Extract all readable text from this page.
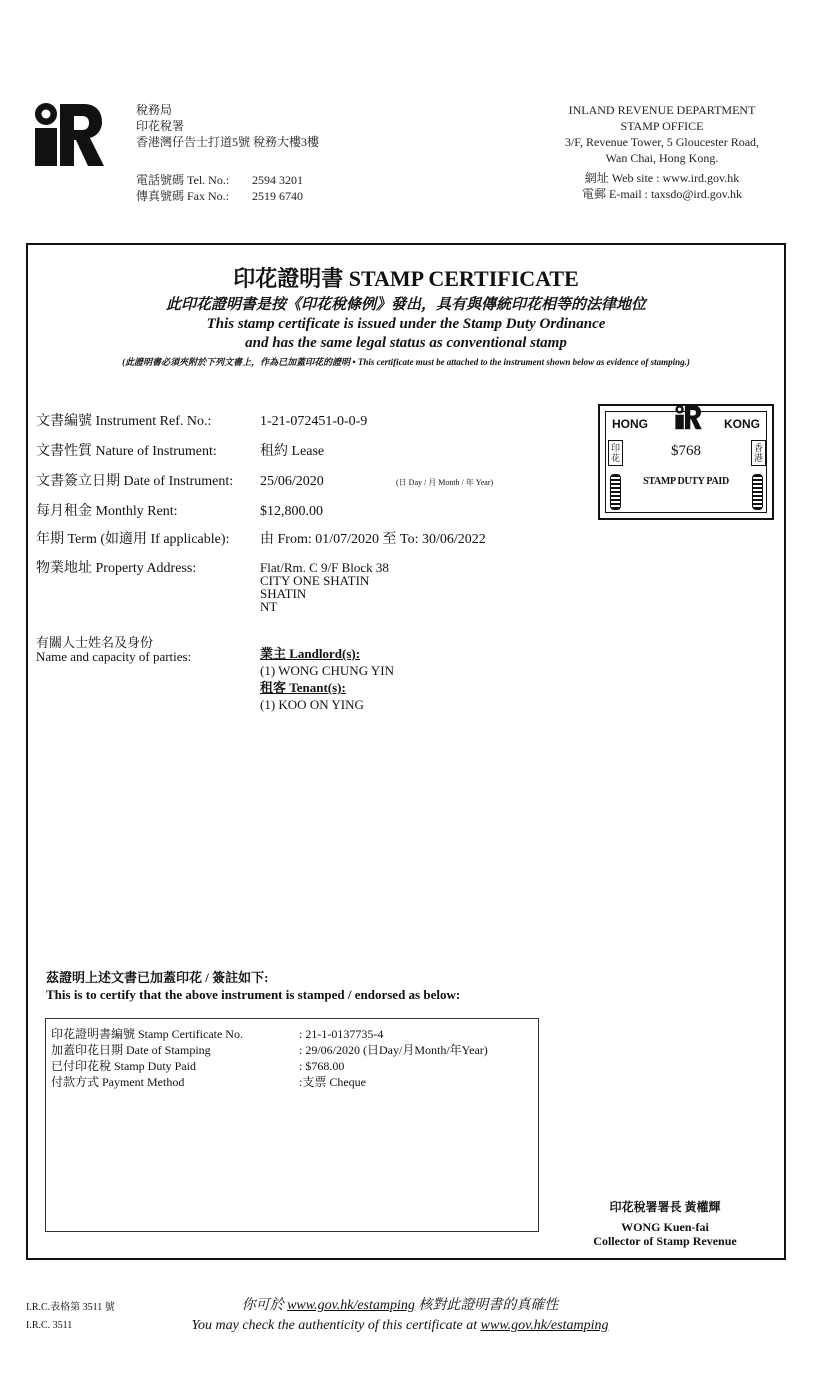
稅務局
印花稅署
香港灣仔告士打道5號 稅務大樓3樓
電話號碼 Tel. No.: 2594 3201
傳真號碼 Fax No.: 2519 6740
INLAND REVENUE DEPARTMENT
STAMP OFFICE
3/F, Revenue Tower, 5 Gloucester Road,
Wan Chai, Hong Kong.
網址 Web site : www.ird.gov.hk
電郵 E-mail : taxsdo@ird.gov.hk
印花證明書 STAMP CERTIFICATE
此印花證明書是按《印花稅條例》發出，具有與傳統印花相等的法律地位
This stamp certificate is issued under the Stamp Duty Ordinance
and has the same legal status as conventional stamp
(此證明書必須夾附於下列文書上，作為已加蓋印花的證明 • This certificate must be attached to the instrument shown below as evidence of stamping.)
文書編號 Instrument Ref. No.:	1-21-072451-0-0-9
文書性質 Nature of Instrument:	租約 Lease
文書簽立日期 Date of Instrument: 25/06/2020	(日 Day / 月 Month / 年 Year)
每月租金 Monthly Rent:	$12,800.00
年期 Term (如適用 If applicable): 由 From: 01/07/2020 至 To: 30/06/2022
物業地址 Property Address:	Flat/Rm. C 9/F Block 38
CITY ONE SHATIN
SHATIN
NT
有關人士姓名及身份
Name and capacity of parties:	業主 Landlord(s):
(1) WONG CHUNG YIN
租客 Tenant(s):
(1) KOO ON YING
HONG	KONG
印花
香港
$768
STAMP DUTY PAID
茲證明上述文書已加蓋印花 / 簽註如下:
This is to certify that the above instrument is stamped / endorsed as below:
印花證明書編號 Stamp Certificate No.	: 21-1-0137735-4
加蓋印花日期 Date of Stamping	: 29/06/2020 (日Day/月Month/年Year)
已付印花稅 Stamp Duty Paid	: $768.00
付款方式 Payment Method	:支票 Cheque
印花稅署署長 黃權輝
WONG Kuen-fai
Collector of Stamp Revenue
I.R.C.表格第 3511 號
I.R.C. 3511
你可於 www.gov.hk/estamping 核對此證明書的真確性
You may check the authenticity of this certificate at www.gov.hk/estamping
